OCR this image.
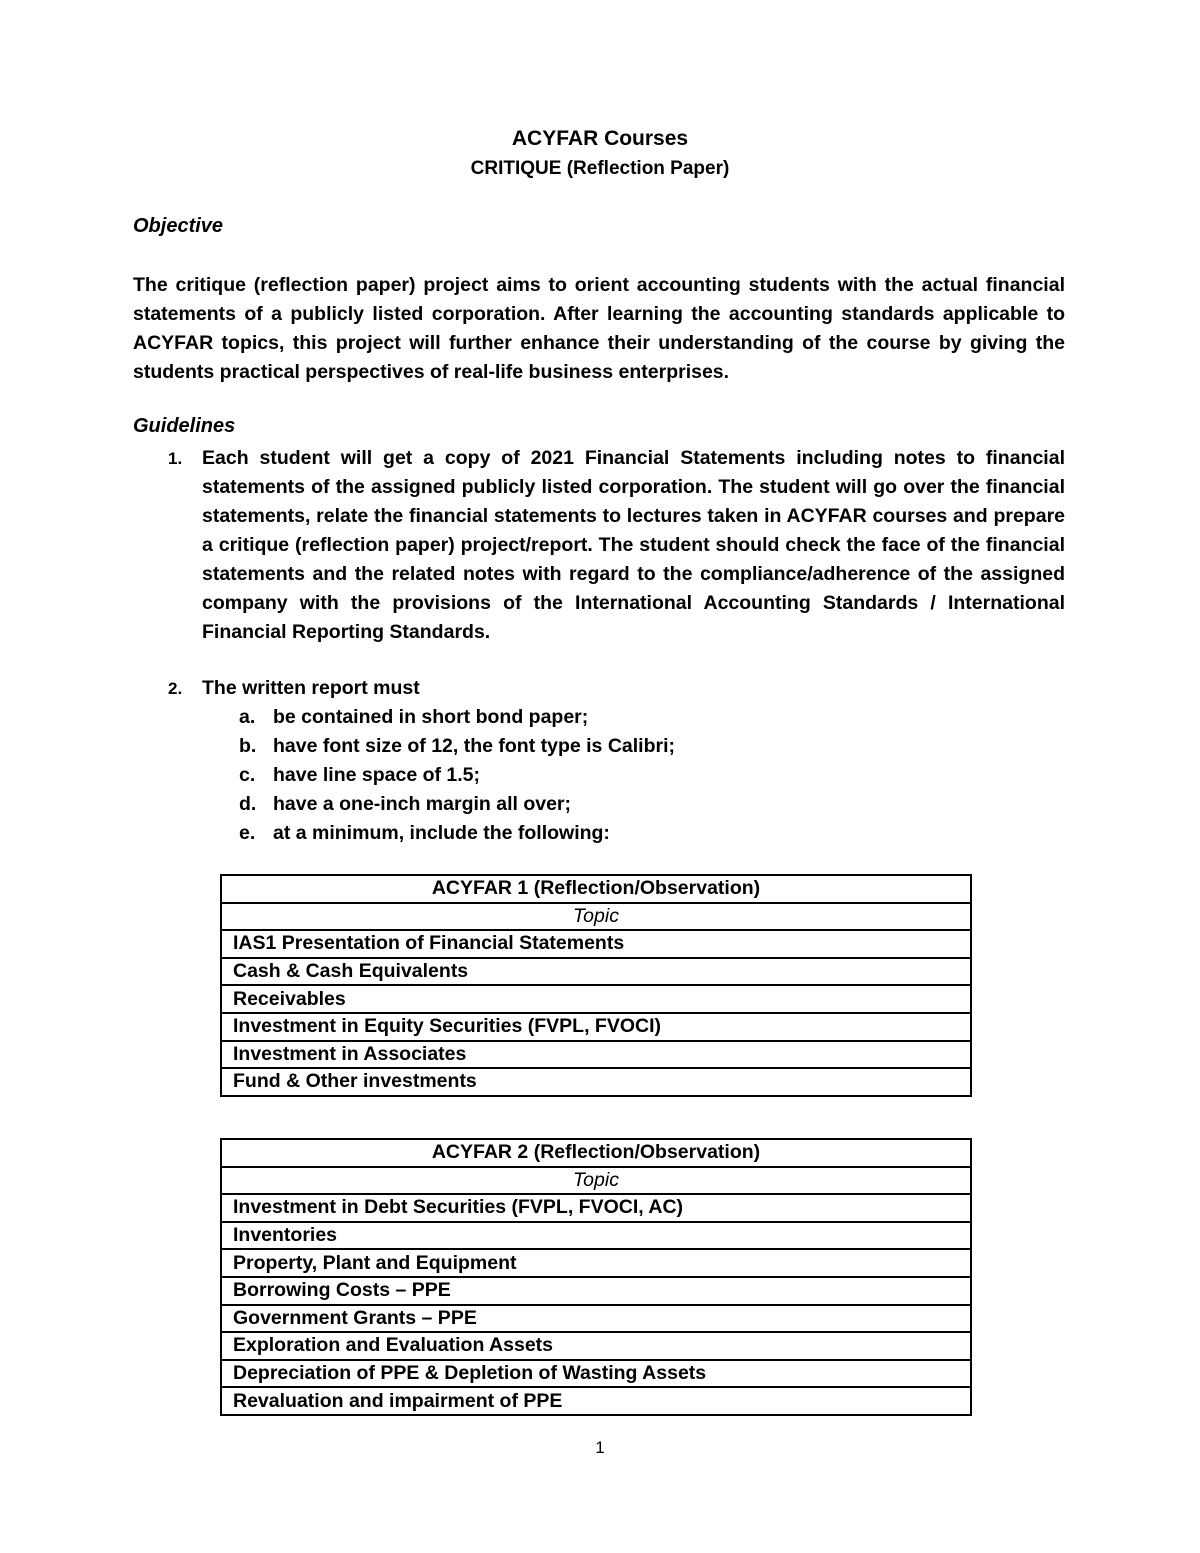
ACYFAR Courses
CRITIQUE (Reflection Paper)
Objective

The critique (reflection paper) project aims to orient accounting students with the actual financial statements of a publicly listed corporation. After learning the accounting standards applicable to ACYFAR topics, this project will further enhance their understanding of the course by giving the students practical perspectives of real-life business enterprises.

Guidelines
1. Each student will get a copy of 2021 Financial Statements including notes to financial statements of the assigned publicly listed corporation. The student will go over the financial statements, relate the financial statements to lectures taken in ACYFAR courses and prepare a critique (reflection paper) project/report. The student should check the face of the financial statements and the related notes with regard to the compliance/adherence of the assigned company with the provisions of the International Accounting Standards / International Financial Reporting Standards.
2. The written report must
a. be contained in short bond paper;
b. have font size of 12, the font type is Calibri;
c. have line space of 1.5;
d. have a one-inch margin all over;
e. at a minimum, include the following:
ACYFAR 1 (Reflection/Observation)
Topic
IAS1 Presentation of Financial Statements
Cash & Cash Equivalents
Receivables
Investment in Equity Securities (FVPL, FVOCI)
Investment in Associates
Fund & Other investments
ACYFAR 2 (Reflection/Observation)
Topic
Investment in Debt Securities (FVPL, FVOCI, AC)
Inventories
Property, Plant and Equipment
Borrowing Costs – PPE
Government Grants – PPE
Exploration and Evaluation Assets
Depreciation of PPE & Depletion of Wasting Assets
Revaluation and impairment of PPE
1
